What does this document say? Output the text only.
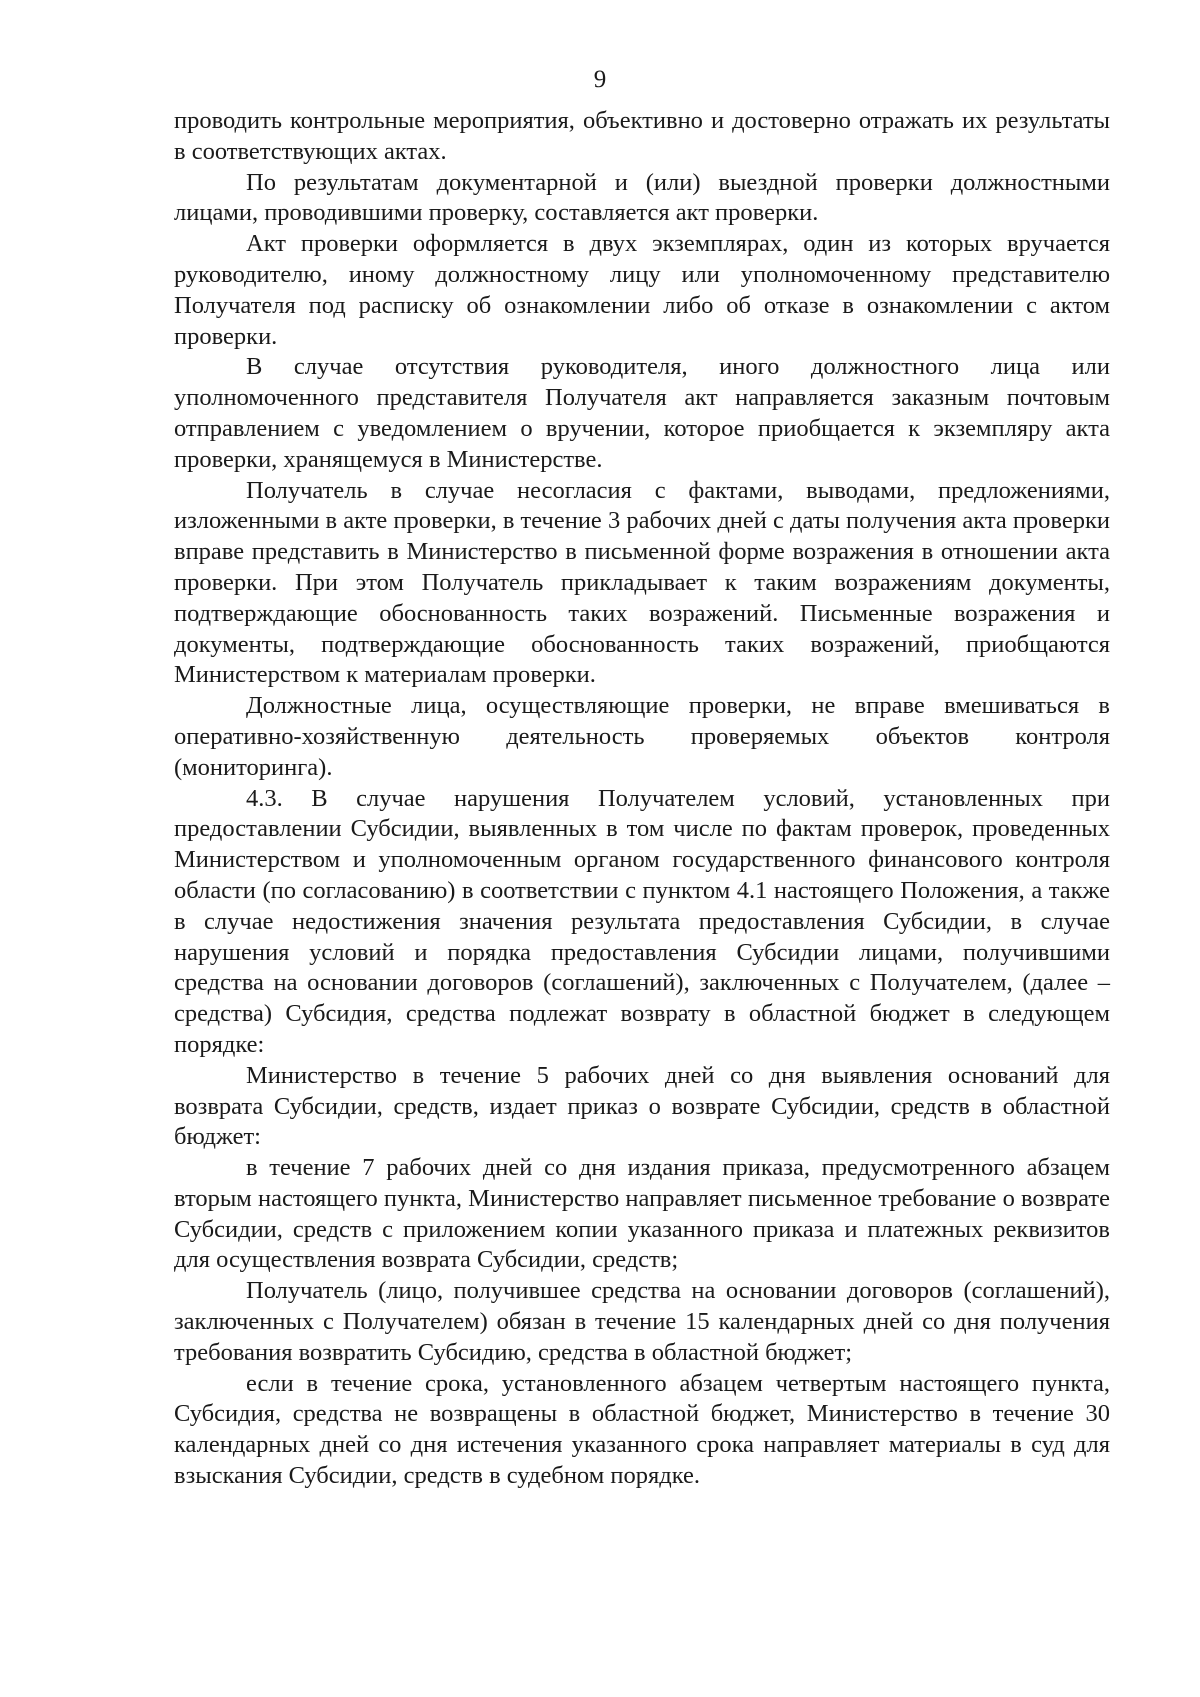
9

проводить контрольные мероприятия, объективно и достоверно отражать их результаты в соответствующих актах.

По результатам документарной и (или) выездной проверки должностными лицами, проводившими проверку, составляется акт проверки.

Акт проверки оформляется в двух экземплярах, один из которых вручается руководителю, иному должностному лицу или уполномоченному представителю Получателя под расписку об ознакомлении либо об отказе в ознакомлении с актом проверки.

В случае отсутствия руководителя, иного должностного лица или уполномоченного представителя Получателя акт направляется заказным почтовым отправлением с уведомлением о вручении, которое приобщается к экземпляру акта проверки, хранящемуся в Министерстве.

Получатель в случае несогласия с фактами, выводами, предложениями, изложенными в акте проверки, в течение 3 рабочих дней с даты получения акта проверки вправе представить в Министерство в письменной форме возражения в отношении акта проверки. При этом Получатель прикладывает к таким возражениям документы, подтверждающие обоснованность таких возражений. Письменные возражения и документы, подтверждающие обоснованность таких возражений, приобщаются Министерством к материалам проверки.

Должностные лица, осуществляющие проверки, не вправе вмешиваться в оперативно-хозяйственную деятельность проверяемых объектов контроля (мониторинга).

4.3. В случае нарушения Получателем условий, установленных при предоставлении Субсидии, выявленных в том числе по фактам проверок, проведенных Министерством и уполномоченным органом государственного финансового контроля области (по согласованию) в соответствии с пунктом 4.1 настоящего Положения, а также в случае недостижения значения результата предоставления Субсидии, в случае нарушения условий и порядка предоставления Субсидии лицами, получившими средства на основании договоров (соглашений), заключенных с Получателем, (далее – средства) Субсидия, средства подлежат возврату в областной бюджет в следующем порядке:

Министерство в течение 5 рабочих дней со дня выявления оснований для возврата Субсидии, средств, издает приказ о возврате Субсидии, средств в областной бюджет:

в течение 7 рабочих дней со дня издания приказа, предусмотренного абзацем вторым настоящего пункта, Министерство направляет письменное требование о возврате Субсидии, средств с приложением копии указанного приказа и платежных реквизитов для осуществления возврата Субсидии, средств;

Получатель (лицо, получившее средства на основании договоров (соглашений), заключенных с Получателем) обязан в течение 15 календарных дней со дня получения требования возвратить Субсидию, средства в областной бюджет;

если в течение срока, установленного абзацем четвертым настоящего пункта, Субсидия, средства не возвращены в областной бюджет, Министерство в течение 30 календарных дней со дня истечения указанного срока направляет материалы в суд для взыскания Субсидии, средств в судебном порядке.
